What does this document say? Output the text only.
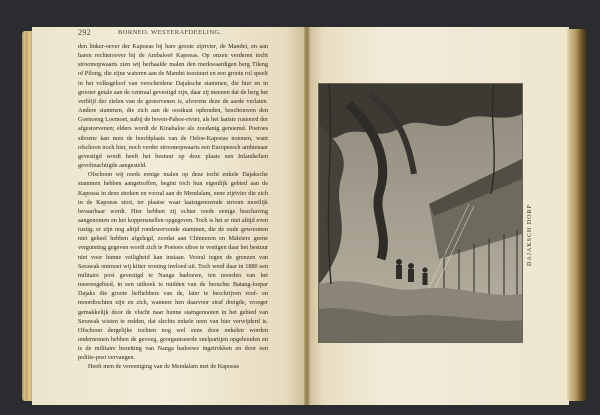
292	BORNEO. WESTERAFDEELING.

den linker-oever der Kapoeas bij hare groote zijrivier, de Mandei, en aan haren rechteroever bij de Ambaloeë Kapoeas. Op onzen verderen tocht stroomopwaarts zien wij herhaalde malen den merkwaardigen berg Tileng of Pilong, die zijne wateren aan de Mandei toestuurt en een groote rol speelt in het volksgeloof van verscheidene Dajaksche stammen, die hier en in grooter getale aan de centraal gevestigd zijn, daar zij meenen dat de berg het verblijf der zielen van de gestorvenen is, alvorens deze de aarde verlaten. Andere stammen, die zich aan de oostkust ophouden, beschouwen den Goenoeng Loemoet, nabij de boven-Pahoe-rivier, als het laatste rustoord der afgestorvenen; elders wordt de Kinabaloe als zoodanig genoemd. Poetoes siboene kan men de hoofdplaats van de Oeloe-Kapoeas noemen, want ofschoon noch hier, noch verder stroomopwaarts een Europeesch ambtenaar gevestigd wordt heeft het bestuur op deze plaats een Inlandschen gevolmachtigde aangesteld.

Ofschoon wij reeds eenige malen op deze tocht enkele Dajaksche stammen hebben aangetroffen, begint toch hun eigenlijk gebied aan de Kapoeas in deze streken en vooral aan de Mendalam, eene zijrivier die zich in de Kapoeas stort, ter plaatse waar laatstgenoemde stroom moeilijk bevaarbaar wordt. Hier hebben zij echter reeds eenige beschaving aangenomen en het koppensnellen opgegeven. Toch is het er niet altijd even rustig; er zijn nog altijd rondzwervende stammen, die de oude gewoonten niet geheel hebben afgelegd, zoodat aan Chineezen en Maleiers geene vergunning gegeven wordt zich te Poetoes siboe te vestigen daar het bestuur niet voor hunne veiligheid kan instaan. Vooral tegen de grenzen van Serawak ontmoet wij kitter woning invloed uit. Toch werd daar in 1880 een militaire post gevestigd te Nanga badoewe, ten noorden van het meerengebied, in een uithoek te midden van de beruchte Batang-loepar Dajaks die groote liefhebbers van de, later te beschrijven roof- en moordtochten zijn en zich, wanneer hen daarvoor straf dreigde, vroeger gemakkelijk door de vlucht naar hunne stamgenooten in het gebied van Serawak wisten te redden, dat slechts enkele uren van hier verwijderd is. Ofschoon dergelijke tochten nog wel eens door enkelen worden ondernomen hebben de gevoeg, georganiseerde snelpartijen opgehouden en is de militaire bezetting van Nanga badoewe ingetrokken en door een politie-post vervangen.

Heeft men de vereeniging van de Mendalam met de Kapoeas

DAJAKSCH DORP
